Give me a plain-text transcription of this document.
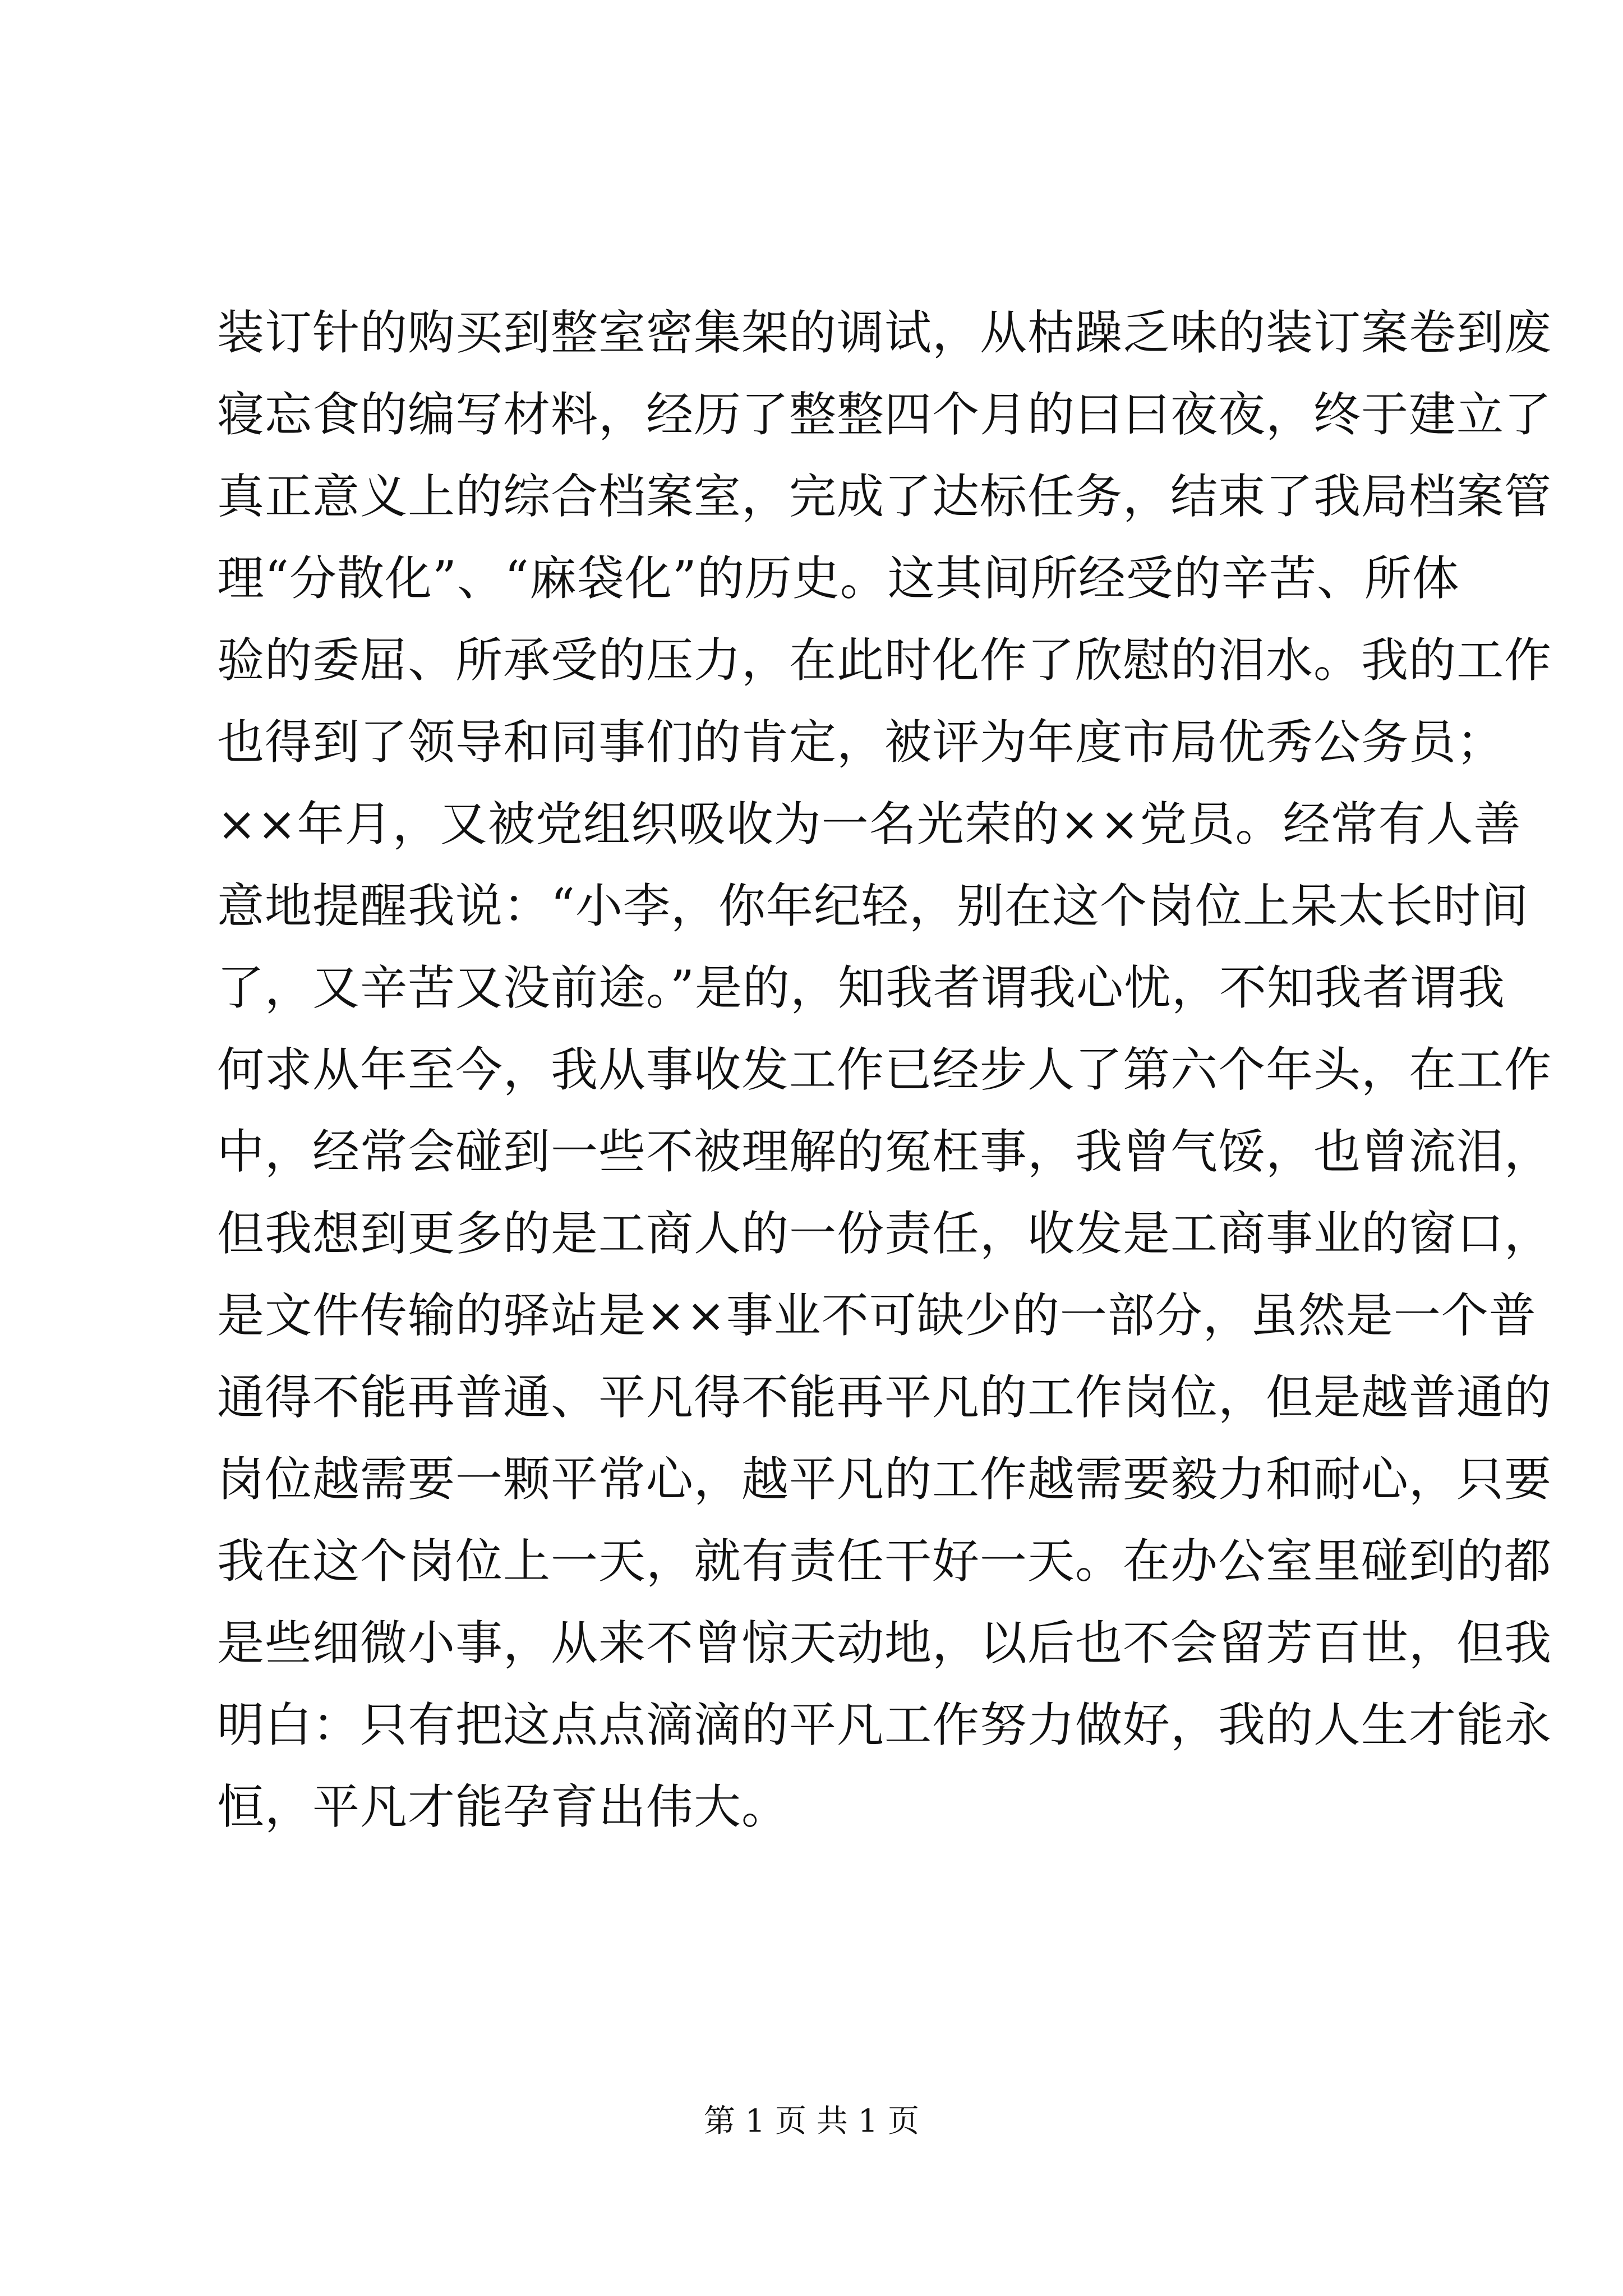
装订针的购买到整室密集架的调试，从枯躁乏味的装订案卷到废
寝忘食的编写材料，经历了整整四个月的曰曰夜夜，终于建立了
真正意义上的综合档案室，完成了达标任务，结束了我局档案管
理“分散化”、“麻袋化”的历史。这其间所经受的辛苦、所体
验的委屈、所承受的压力，在此时化作了欣慰的泪水。我的工作
也得到了领导和同事们的肯定，被评为年度市局优秀公务员；
××年月，又被党组织吸收为一名光荣的××党员。经常有人善
意地提醒我说：“小李，你年纪轻，别在这个岗位上呆太长时间
了，又辛苦又没前途。”是的，知我者谓我心忧，不知我者谓我
何求从年至今，我从事收发工作已经步人了第六个年头，在工作
中，经常会碰到一些不被理解的冤枉事，我曾气馁，也曾流泪，
但我想到更多的是工商人的一份责任，收发是工商事业的窗口，
是文件传输的驿站是××事业不可缺少的一部分，虽然是一个普
通得不能再普通、平凡得不能再平凡的工作岗位，但是越普通的
岗位越需要一颗平常心，越平凡的工作越需要毅力和耐心，只要
我在这个岗位上一天，就有责任干好一天。在办公室里碰到的都
是些细微小事，从来不曾惊天动地，以后也不会留芳百世，但我
明白：只有把这点点滴滴的平凡工作努力做好，我的人生才能永
恒，平凡才能孕育出伟大。
第 1 页 共 1 页
